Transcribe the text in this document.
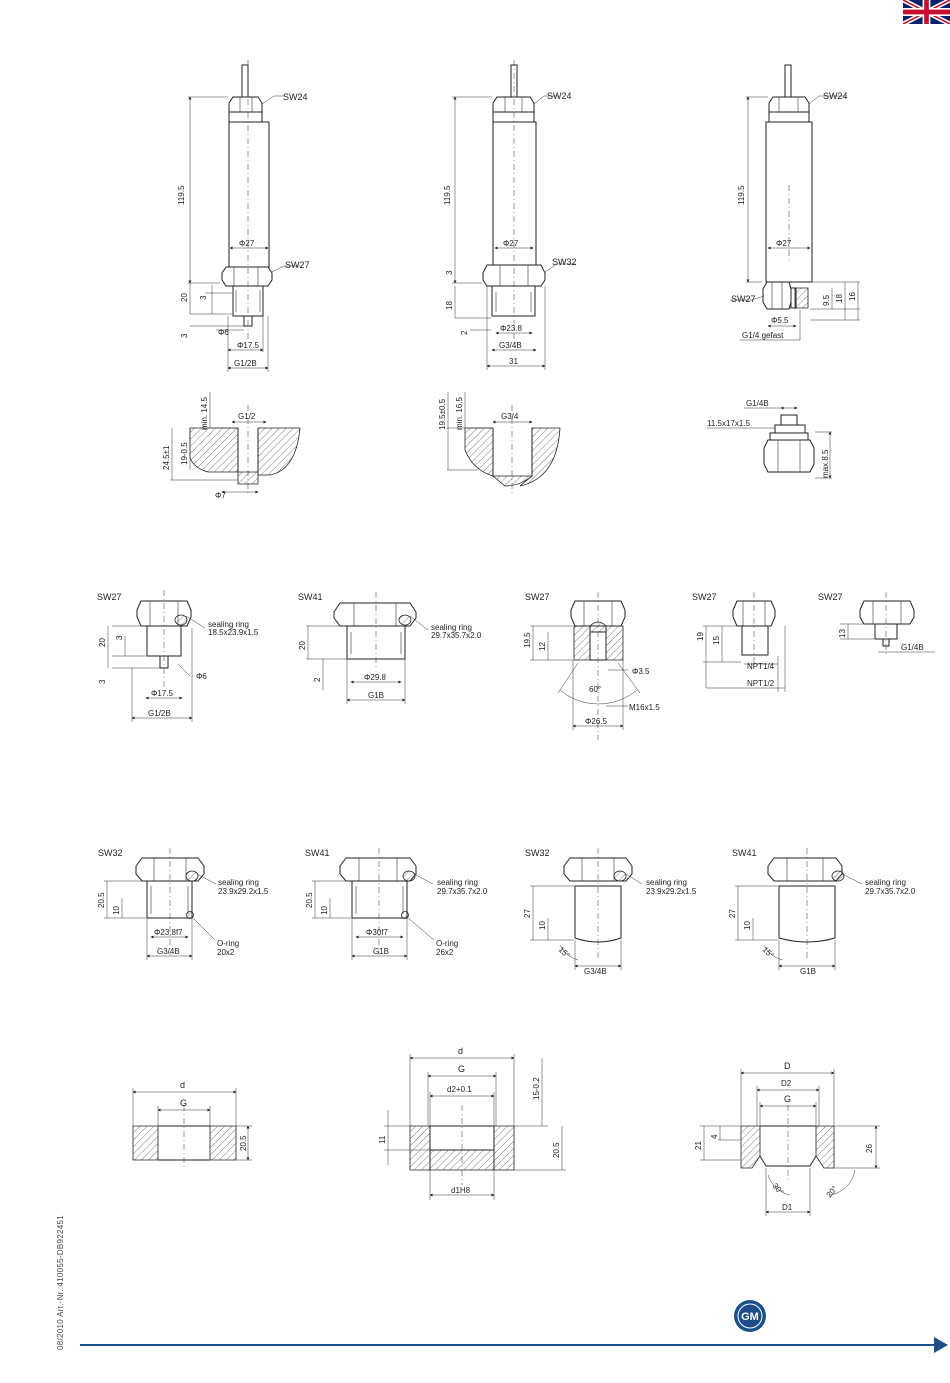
SW24
119.5
Φ27
SW27
20 3
3	Φ6
Φ17.5
G1/2B
SW24
119.5
Φ27
SW32
3
18
2	Φ23.8
G3/4B
31
SW24
119.5
Φ27
SW27	9.5 18 16
Φ5.5
G1/4 gefast
G1/2
min. 14.5
24.5±1 19-0.5
Φ7
19.5±0.5 min. 16.5	G3/4
G1/4B
11.5x17x1.5
max.8.5
SW27
sealing ring
18.5x23.9x1.5
20
3
3
Φ6
Φ17.5
G1/2B
SW41
sealing ring
29.7x35.7x2.0
20
2	Φ29.8
G1B
SW27
19.5 12
Φ3.5
60°
M16x1.5
Φ26.5
SW27
19 15
NPT1/4
NPT1/2
SW27
13
G1/4B
SW32
sealing ring
23.9x29.2x1.5
20.5
10
Φ23.8f7
O-ring
20x2
G3/4B
SW41
sealing ring
29.7x35.7x2.0
20.5
10
Φ30f7
O-ring
26x2
G1B
SW32
sealing ring
23.9x29.2x1.5
27
10
15°
G3/4B
SW41
sealing ring
29.7x35.7x2.0
27
10
15°
G1B
d
G
20.5
d
G
d2+0.1	15-0.2
11
20.5
d1H8
D
D2
G
21
4
26
30°	20°
D1
08/2010 Art.-Nr.:410055-DB922451	GM
